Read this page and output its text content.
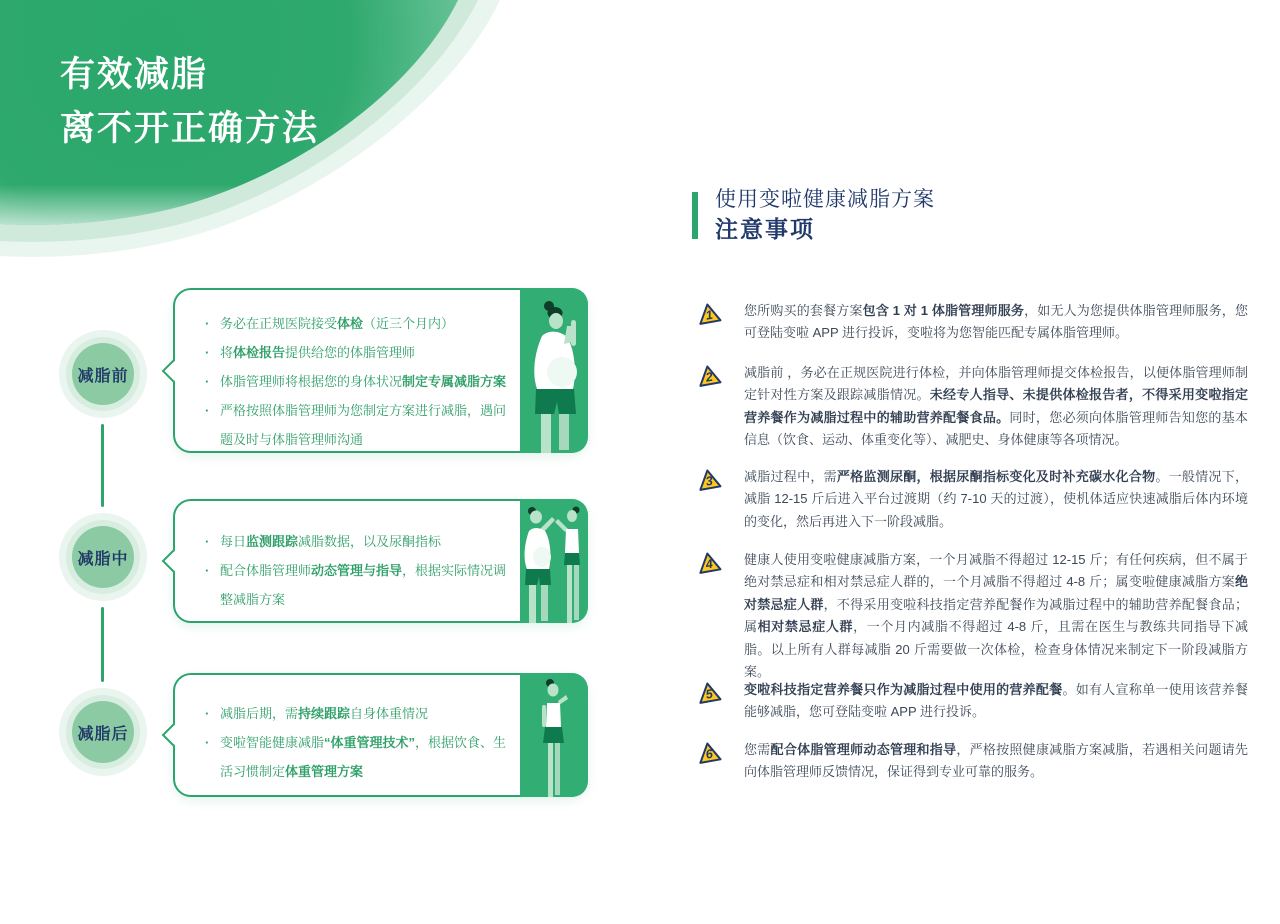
有效减脂
离不开正确方法
减脂前
减脂中
减脂后
· 务必在正规医院接受体检（近三个月内）
· 将体检报告提供给您的体脂管理师
· 体脂管理师将根据您的身体状况制定专属减脂方案
· 严格按照体脂管理师为您制定方案进行减脂，遇问题及时与体脂管理师沟通
· 每日监测跟踪减脂数据，以及尿酮指标
· 配合体脂管理师动态管理与指导，根据实际情况调整减脂方案
· 减脂后期，需持续跟踪自身体重情况
· 变啦智能健康减脂“体重管理技术”，根据饮食、生活习惯制定体重管理方案
使用变啦健康减脂方案
注意事项
1 您所购买的套餐方案包含 1 对 1 体脂管理师服务，如无人为您提供体脂管理师服务，您可登陆变啦 APP 进行投诉，变啦将为您智能匹配专属体脂管理师。
2 减脂前 ，务必在正规医院进行体检，并向体脂管理师提交体检报告，以便体脂管理师制定针对性方案及跟踪减脂情况。未经专人指导、未提供体检报告者，不得采用变啦指定营养餐作为减脂过程中的辅助营养配餐食品。同时，您必须向体脂管理师告知您的基本信息（饮食、运动、体重变化等）、减肥史、身体健康等各项情况。
3 减脂过程中，需严格监测尿酮，根据尿酮指标变化及时补充碳水化合物。一般情况下，减脂 12-15 斤后进入平台过渡期（约 7-10 天的过渡），使机体适应快速减脂后体内环境的变化，然后再进入下一阶段减脂。
4 健康人使用变啦健康减脂方案，一个月减脂不得超过 12-15 斤；有任何疾病，但不属于绝对禁忌症和相对禁忌症人群的，一个月减脂不得超过 4-8 斤；属变啦健康减脂方案绝对禁忌症人群，不得采用变啦科技指定营养配餐作为减脂过程中的辅助营养配餐食品；属相对禁忌症人群，一个月内减脂不得超过 4-8 斤，且需在医生与教练共同指导下减脂。以上所有人群每减脂 20 斤需要做一次体检，检查身体情况来制定下一阶段减脂方案。
5 变啦科技指定营养餐只作为减脂过程中使用的营养配餐。如有人宣称单一使用该营养餐能够减脂，您可登陆变啦 APP 进行投诉。
6 您需配合体脂管理师动态管理和指导，严格按照健康减脂方案减脂，若遇相关问题请先向体脂管理师反馈情况，保证得到专业可靠的服务。
